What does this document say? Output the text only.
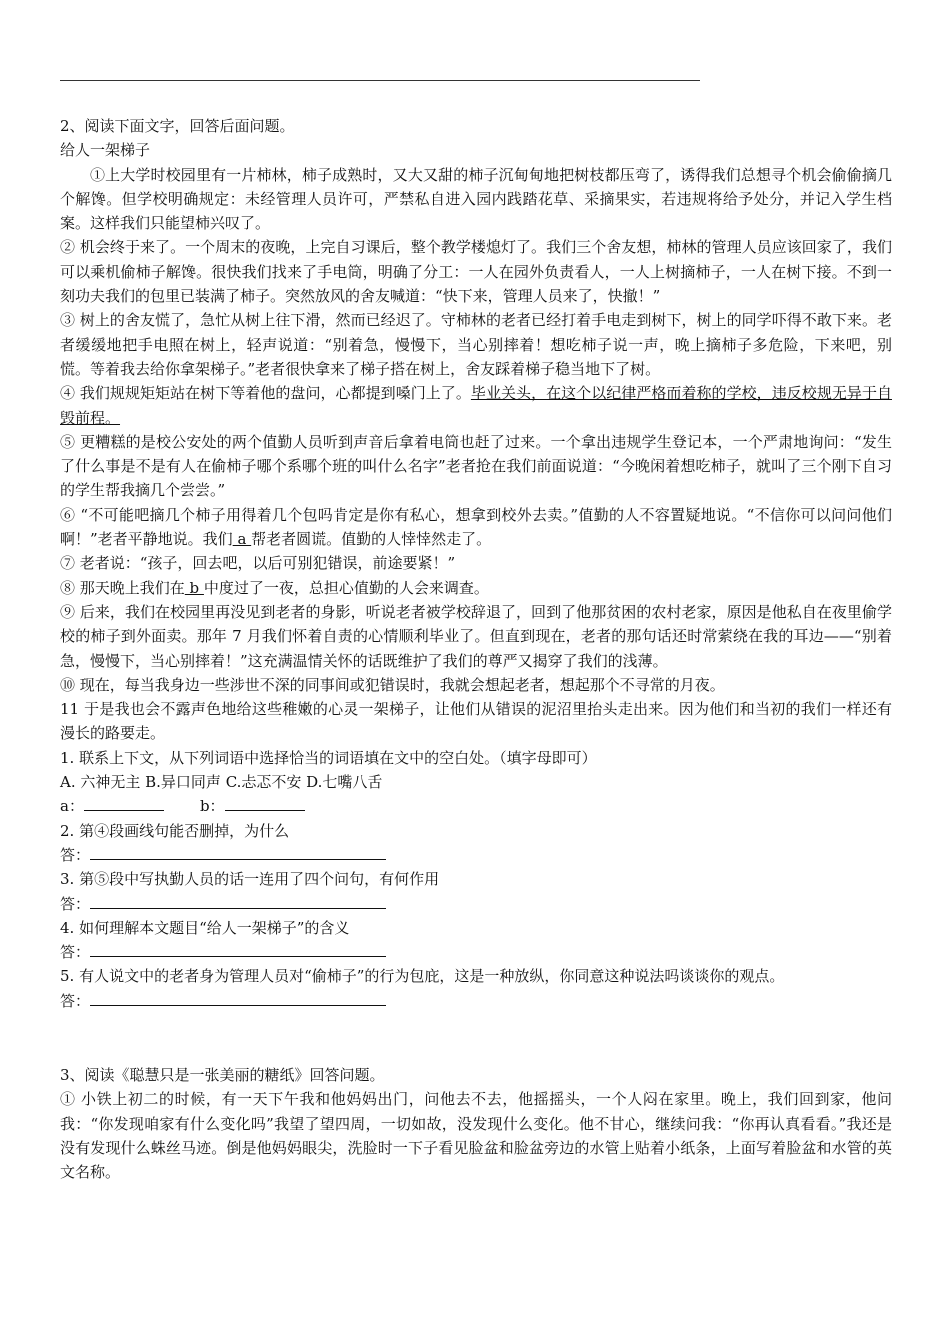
2、阅读下面文字，回答后面问题。

给人一架梯子

①上大学时校园里有一片柿林，柿子成熟时，又大又甜的柿子沉甸甸地把树枝都压弯了，诱得我们总想寻个机会偷偷摘几个解馋。但学校明确规定：未经管理人员许可，严禁私自进入园内践踏花草、采摘果实，若违规将给予处分，并记入学生档案。这样我们只能望柿兴叹了。

② 机会终于来了。一个周末的夜晚，上完自习课后，整个教学楼熄灯了。我们三个舍友想，柿林的管理人员应该回家了，我们可以乘机偷柿子解馋。很快我们找来了手电筒，明确了分工：一人在园外负责看人，一人上树摘柿子，一人在树下接。不到一刻功夫我们的包里已装满了柿子。突然放风的舍友喊道：“快下来，管理人员来了，快撤！”

③ 树上的舍友慌了，急忙从树上往下滑，然而已经迟了。守柿林的老者已经打着手电走到树下，树上的同学吓得不敢下来。老者缓缓地把手电照在树上，轻声说道：“别着急，慢慢下，当心别摔着！想吃柿子说一声，晚上摘柿子多危险，下来吧，别慌。等着我去给你拿架梯子。”老者很快拿来了梯子搭在树上，舍友踩着梯子稳当地下了树。

④ 我们规规矩矩站在树下等着他的盘问，心都提到嗓门上了。毕业关头，在这个以纪律严格而着称的学校，违反校规无异于自毁前程。

⑤ 更糟糕的是校公安处的两个值勤人员听到声音后拿着电筒也赶了过来。一个拿出违规学生登记本，一个严肃地询问：“发生了什么事是不是有人在偷柿子哪个系哪个班的叫什么名字”老者抢在我们前面说道：“今晚闲着想吃柿子，就叫了三个刚下自习的学生帮我摘几个尝尝。”

⑥ “不可能吧摘几个柿子用得着几个包吗肯定是你有私心，想拿到校外去卖。”值勤的人不容置疑地说。“不信你可以问问他们啊！”老者平静地说。我们 a 帮老者圆谎。值勤的人悻悻然走了。

⑦ 老者说：“孩子，回去吧，以后可别犯错误，前途要紧！”

⑧ 那天晚上我们在 b 中度过了一夜，总担心值勤的人会来调查。

⑨ 后来，我们在校园里再没见到老者的身影，听说老者被学校辞退了，回到了他那贫困的农村老家，原因是他私自在夜里偷学校的柿子到外面卖。那年 7 月我们怀着自责的心情顺利毕业了。但直到现在，老者的那句话还时常萦绕在我的耳边——“别着急，慢慢下，当心别摔着！”这充满温情关怀的话既维护了我们的尊严又揭穿了我们的浅薄。

⑩ 现在，每当我身边一些涉世不深的同事间或犯错误时，我就会想起老者，想起那个不寻常的月夜。

11 于是我也会不露声色地给这些稚嫩的心灵一架梯子，让他们从错误的泥沼里抬头走出来。因为他们和当初的我们一样还有漫长的路要走。

1. 联系上下文，从下列词语中选择恰当的词语填在文中的空白处。（填字母即可）

A. 六神无主 B.异口同声 C.忐忑不安 D.七嘴八舌

a：	b：

2. 第④段画线句能否删掉，为什么

答：

3. 第⑤段中写执勤人员的话一连用了四个问句，有何作用

答：

4. 如何理解本文题目“给人一架梯子”的含义

答：

5. 有人说文中的老者身为管理人员对“偷柿子”的行为包庇，这是一种放纵，你同意这种说法吗谈谈你的观点。

答：

3、阅读《聪慧只是一张美丽的糖纸》回答问题。

① 小铁上初二的时候，有一天下午我和他妈妈出门，问他去不去，他摇摇头，一个人闷在家里。晚上，我们回到家，他问我：“你发现咱家有什么变化吗”我望了望四周，一切如故，没发现什么变化。他不甘心，继续问我：“你再认真看看。”我还是没有发现什么蛛丝马迹。倒是他妈妈眼尖，洗脸时一下子看见脸盆和脸盆旁边的水管上贴着小纸条，上面写着脸盆和水管的英文名称。
